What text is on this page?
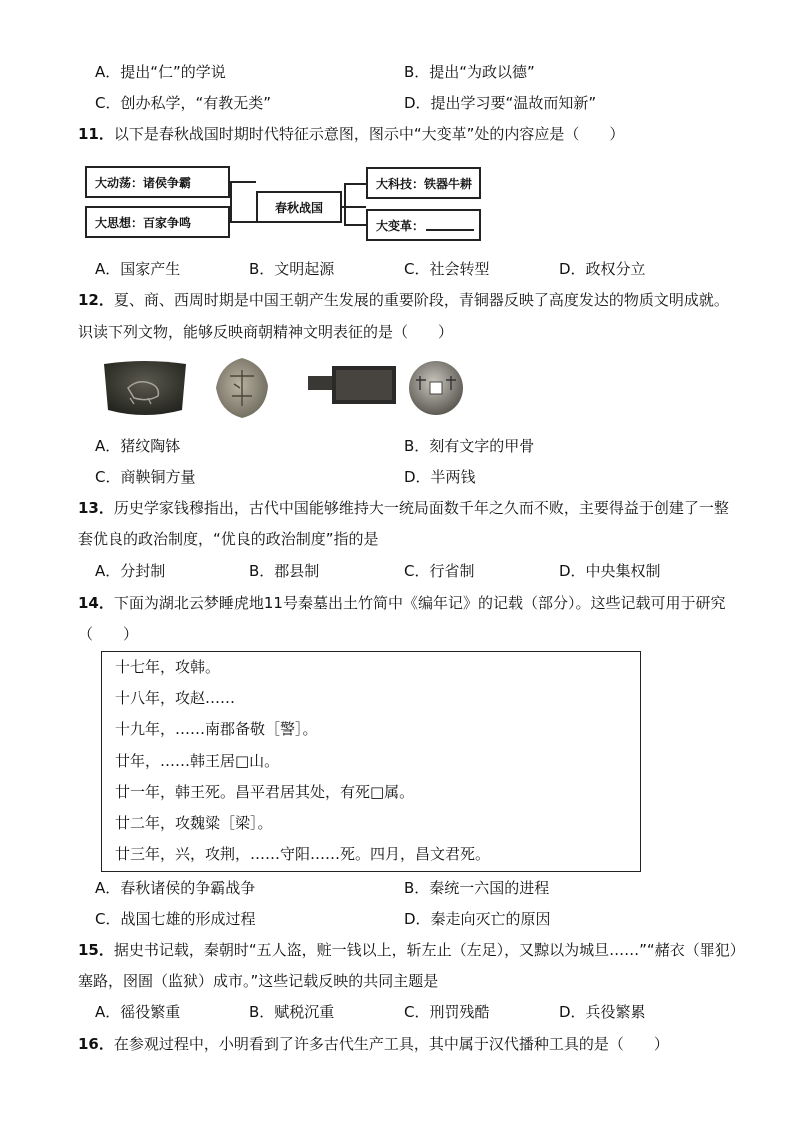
A．提出“仁”的学说	B．提出“为政以德”
C．创办私学，“有教无类”	D．提出学习要“温故而知新”
11．以下是春秋战国时期时代特征示意图，图示中“大变革”处的内容应是（　　）
大动荡：诸侯争霸
大思想：百家争鸣
春秋战国
大科技：铁器牛耕
大变革：
A．国家产生	B．文明起源	C．社会转型	D．政权分立
12．夏、商、西周时期是中国王朝产生发展的重要阶段，青铜器反映了高度发达的物质文明成就。
识读下列文物，能够反映商朝精神文明表征的是（　　）
A．猪纹陶钵	B．刻有文字的甲骨
C．商鞅铜方量	D．半两钱
13．历史学家钱穆指出，古代中国能够维持大一统局面数千年之久而不败，主要得益于创建了一整
套优良的政治制度，“优良的政治制度”指的是
A．分封制	B．郡县制	C．行省制	D．中央集权制
14．下面为湖北云梦睡虎地11号秦墓出土竹简中《编年记》的记载（部分）。这些记载可用于研究
（　　）
十七年，攻韩。
十八年，攻赵……
十九年，……南郡备敬［警］。
廿年，……韩王居□山。
廿一年，韩王死。昌平君居其处，有死□属。
廿二年，攻魏粱［梁］。
廿三年，兴，攻荆，……守阳……死。四月，昌文君死。
A．春秋诸侯的争霸战争	B．秦统一六国的进程
C．战国七雄的形成过程	D．秦走向灭亡的原因
15．据史书记载，秦朝时“五人盗，赃一钱以上，斩左止（左足），又黥以为城旦……”“赭衣（罪犯）
塞路，囹圄（监狱）成市。”这些记载反映的共同主题是
A．徭役繁重	B．赋税沉重	C．刑罚残酷	D．兵役繁累
16．在参观过程中，小明看到了许多古代生产工具，其中属于汉代播种工具的是（　　）
